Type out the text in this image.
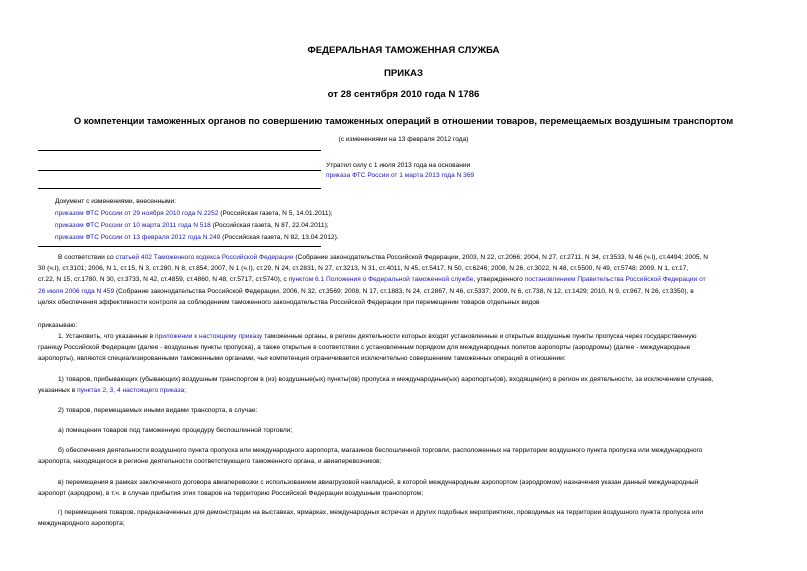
ФЕДЕРАЛЬНАЯ ТАМОЖЕННАЯ СЛУЖБА
ПРИКАЗ
от 28 сентября 2010 года N 1786
О компетенции таможенных органов по совершению таможенных операций в отношении товаров, перемещаемых воздушным транспортом
(с изменениями на 13 февраля 2012 года)
Утратил силу с 1 июля 2013 года на основании
приказа ФТС России от 1 марта 2013 года N 369
Документ с изменениями, внесенными:
приказом ФТС России от 29 ноября 2010 года N 2252 (Российская газета, N 5, 14.01.2011);
приказом ФТС России от 10 марта 2011 года N 518 (Российская газета, N 87, 22.04.2011);
приказом ФТС России от 13 февраля 2012 года N 249 (Российская газета, N 82, 13.04.2012).
В соответствии со статьей 402 Таможенного кодекса Российской Федерации (Собрание законодательства Российской Федерации, 2003, N 22, ст.2066; 2004, N 27, ст.2711, N 34, ст.3533, N 46 (ч.I), ст.4494; 2005, N
30 (ч.I), ст.3101; 2006, N 1, ст.15, N 3, ст.280, N 8, ст.854; 2007, N 1 (ч.I), ст.29, N 24, ст.2831, N 27, ст.3213, N 31, ст.4011, N 45, ст.5417, N 50, ст.6246; 2008, N 26, ст.3022, N 48, ст.5500, N 49, ст.5748; 2009, N 1, ст.17,
ст.22, N 15, ст.1780, N 30, ст.3733, N 42, ст.4859, ст.4860, N 48, ст.5717, ст.5740), с пунктом 6.1 Положения о Федеральной таможенной службе, утвержденного постановлением Правительства Российской Федерации от
26 июля 2006 года N 459 (Собрание законодательства Российской Федерации, 2006, N 32, ст.3569; 2008, N 17, ст.1883, N 24, ст.2867, N 46, ст.5337; 2009, N 6, ст.738, N 12, ст.1429; 2010, N 9, ст.967, N 26, ст.3350), в
целях обеспечения эффективности контроля за соблюдением таможенного законодательства Российской Федерации при перемещении товаров отдельных видов
приказываю:
1. Установить, что указанные в приложении к настоящему приказу таможенные органы, в регион деятельности которых входят установленные и открытые воздушные пункты пропуска через государственную
границу Российской Федерации (далее - воздушные пункты пропуска), а также открытые в соответствии с установленным порядком для международных полетов аэропорты (аэродромы) (далее - международные
аэропорты), являются специализированными таможенными органами, чья компетенция ограничивается исключительно совершением таможенных операций в отношении:
1) товаров, прибывающих (убывающих) воздушным транспортом в (из) воздушные(ых) пункты(ов) пропуска и международные(ых) аэропорты(ов), входящие(их) в регион их деятельности, за исключением случаев,
указанных в пунктах 2, 3, 4 настоящего приказа;
2) товаров, перемещаемых иными видами транспорта, в случае:
а) помещения товаров под таможенную процедуру беспошлинной торговли;
б) обеспечения деятельности воздушного пункта пропуска или международного аэропорта, магазинов беспошлинной торговли, расположенных на территории воздушного пункта пропуска или международного
аэропорта, находящегося в регионе деятельности соответствующего таможенного органа, и авиаперевозчиков;
в) перемещения в рамках заключенного договора авиаперевозки с использованием авиагрузовой накладной, в которой международным аэропортом (аэродромом) назначения указан данный международный
аэропорт (аэродром), в т.ч. в случае прибытия этих товаров на территорию Российской Федерации воздушным транспортом;
г) перемещения товаров, предназначенных для демонстрации на выставках, ярмарках, международных встречах и других подобных мероприятиях, проводимых на территории воздушного пункта пропуска или
международного аэропорта;
